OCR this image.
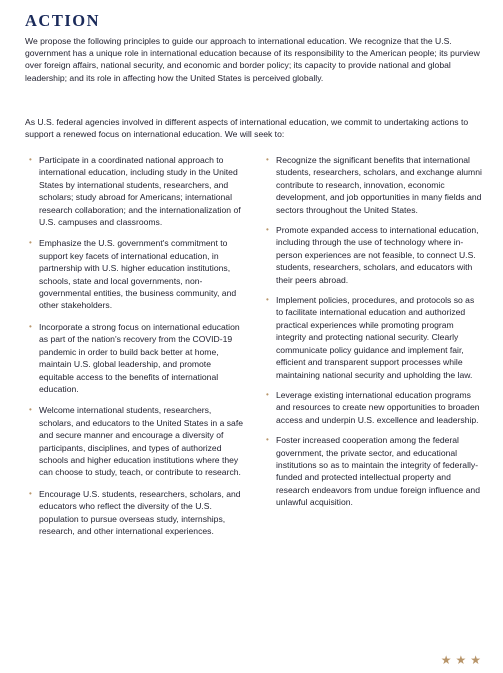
ACTION

We propose the following principles to guide our approach to international education. We recognize that the U.S. government has a unique role in international education because of its responsibility to the American people; its purview over foreign affairs, national security, and economic and border policy; its capacity to provide national and global leadership; and its role in affecting how the United States is perceived globally.

As U.S. federal agencies involved in different aspects of international education, we commit to undertaking actions to support a renewed focus on international education. We will seek to:

• Participate in a coordinated national approach to international education, including study in the United States by international students, researchers, and scholars; study abroad for Americans; international research collaboration; and the internationalization of U.S. campuses and classrooms.

• Emphasize the U.S. government's commitment to support key facets of international education, in partnership with U.S. higher education institutions, schools, state and local governments, non-governmental entities, the business community, and other stakeholders.

• Incorporate a strong focus on international education as part of the nation's recovery from the COVID-19 pandemic in order to build back better at home, maintain U.S. global leadership, and promote equitable access to the benefits of international education.

• Welcome international students, researchers, scholars, and educators to the United States in a safe and secure manner and encourage a diversity of participants, disciplines, and types of authorized schools and higher education institutions where they can choose to study, teach, or contribute to research.

• Encourage U.S. students, researchers, scholars, and educators who reflect the diversity of the U.S. population to pursue overseas study, internships, research, and other international experiences.

• Recognize the significant benefits that international students, researchers, scholars, and exchange alumni contribute to research, innovation, economic development, and job opportunities in many fields and sectors throughout the United States.

• Promote expanded access to international education, including through the use of technology where in-person experiences are not feasible, to connect U.S. students, researchers, scholars, and educators with their peers abroad.

• Implement policies, procedures, and protocols so as to facilitate international education and authorized practical experiences while promoting program integrity and protecting national security. Clearly communicate policy guidance and implement fair, efficient and transparent support processes while maintaining national security and upholding the law.

• Leverage existing international education programs and resources to create new opportunities to broaden access and underpin U.S. excellence and leadership.

• Foster increased cooperation among the federal government, the private sector, and educational institutions so as to maintain the integrity of federally-funded and protected intellectual property and research endeavors from undue foreign influence and unlawful acquisition.

★★★
